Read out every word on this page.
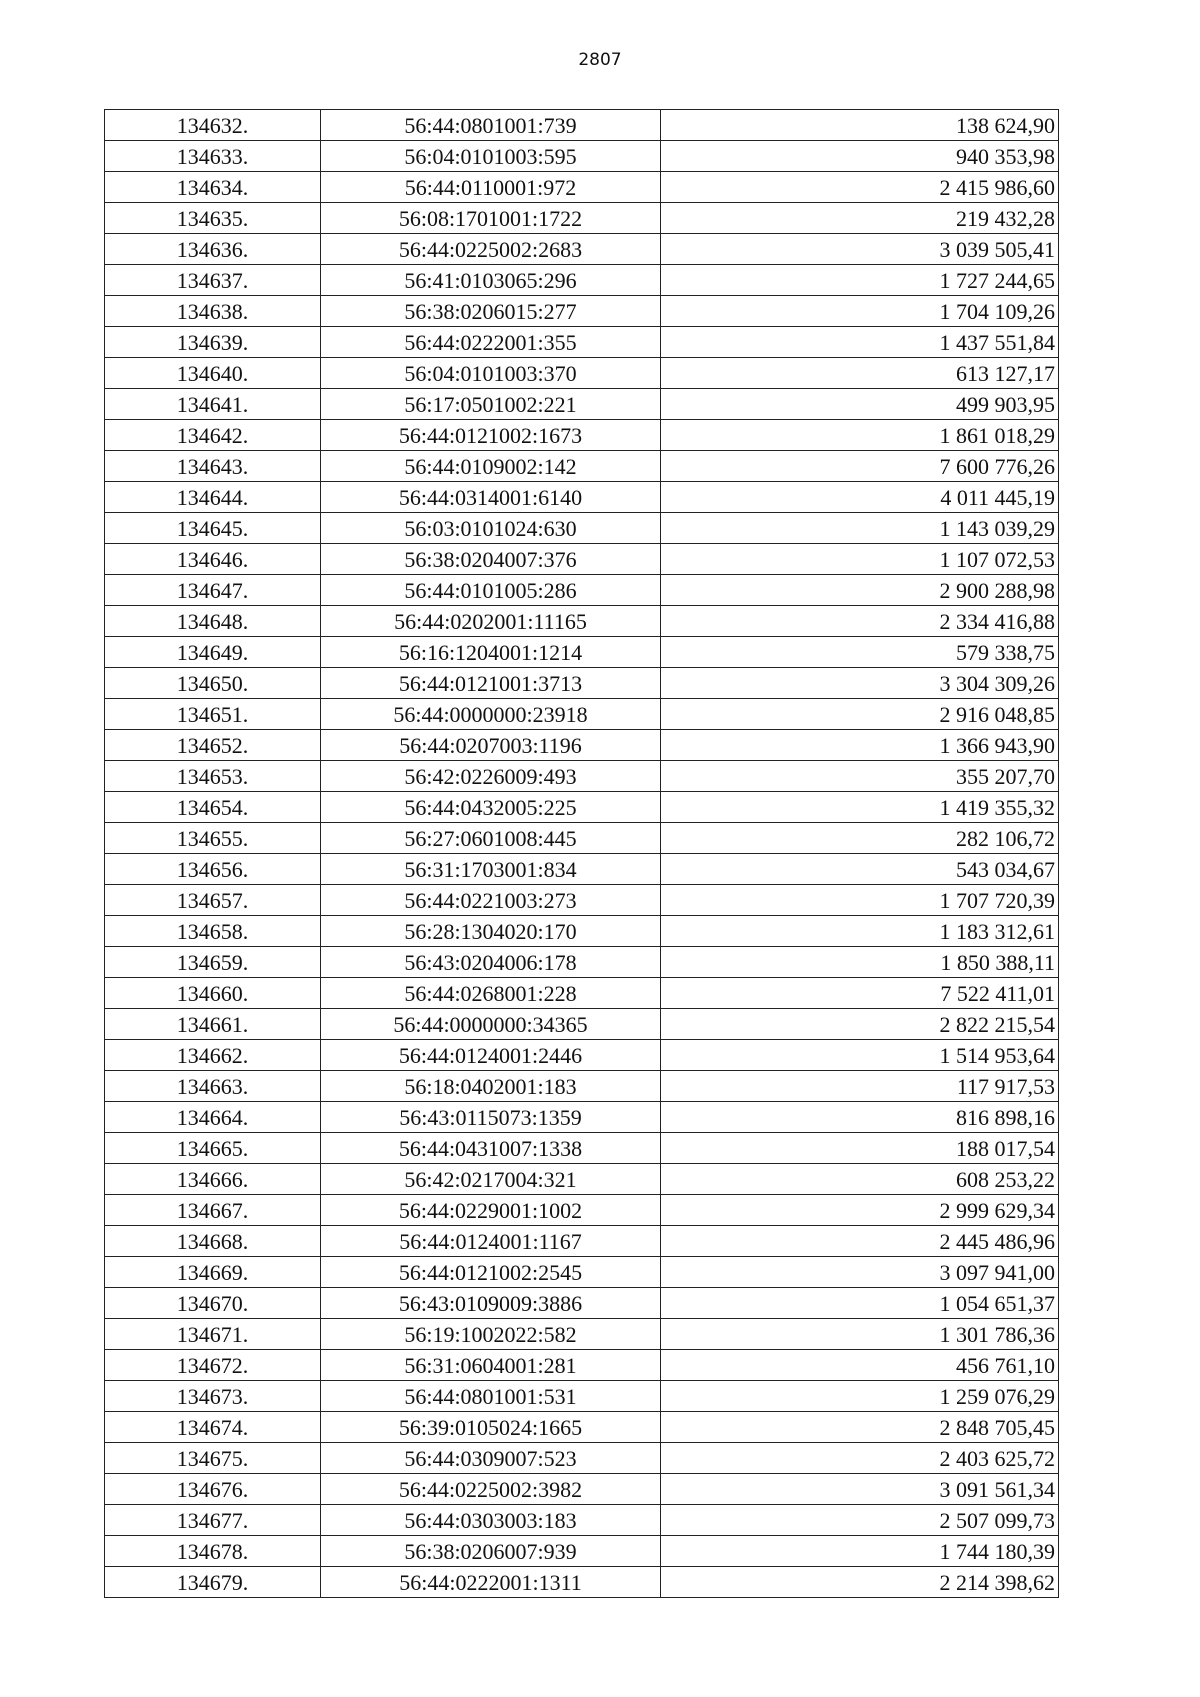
2807
134632.	56:44:0801001:739	138 624,90
134633.	56:04:0101003:595	940 353,98
134634.	56:44:0110001:972	2 415 986,60
134635.	56:08:1701001:1722	219 432,28
134636.	56:44:0225002:2683	3 039 505,41
134637.	56:41:0103065:296	1 727 244,65
134638.	56:38:0206015:277	1 704 109,26
134639.	56:44:0222001:355	1 437 551,84
134640.	56:04:0101003:370	613 127,17
134641.	56:17:0501002:221	499 903,95
134642.	56:44:0121002:1673	1 861 018,29
134643.	56:44:0109002:142	7 600 776,26
134644.	56:44:0314001:6140	4 011 445,19
134645.	56:03:0101024:630	1 143 039,29
134646.	56:38:0204007:376	1 107 072,53
134647.	56:44:0101005:286	2 900 288,98
134648.	56:44:0202001:11165	2 334 416,88
134649.	56:16:1204001:1214	579 338,75
134650.	56:44:0121001:3713	3 304 309,26
134651.	56:44:0000000:23918	2 916 048,85
134652.	56:44:0207003:1196	1 366 943,90
134653.	56:42:0226009:493	355 207,70
134654.	56:44:0432005:225	1 419 355,32
134655.	56:27:0601008:445	282 106,72
134656.	56:31:1703001:834	543 034,67
134657.	56:44:0221003:273	1 707 720,39
134658.	56:28:1304020:170	1 183 312,61
134659.	56:43:0204006:178	1 850 388,11
134660.	56:44:0268001:228	7 522 411,01
134661.	56:44:0000000:34365	2 822 215,54
134662.	56:44:0124001:2446	1 514 953,64
134663.	56:18:0402001:183	117 917,53
134664.	56:43:0115073:1359	816 898,16
134665.	56:44:0431007:1338	188 017,54
134666.	56:42:0217004:321	608 253,22
134667.	56:44:0229001:1002	2 999 629,34
134668.	56:44:0124001:1167	2 445 486,96
134669.	56:44:0121002:2545	3 097 941,00
134670.	56:43:0109009:3886	1 054 651,37
134671.	56:19:1002022:582	1 301 786,36
134672.	56:31:0604001:281	456 761,10
134673.	56:44:0801001:531	1 259 076,29
134674.	56:39:0105024:1665	2 848 705,45
134675.	56:44:0309007:523	2 403 625,72
134676.	56:44:0225002:3982	3 091 561,34
134677.	56:44:0303003:183	2 507 099,73
134678.	56:38:0206007:939	1 744 180,39
134679.	56:44:0222001:1311	2 214 398,62
